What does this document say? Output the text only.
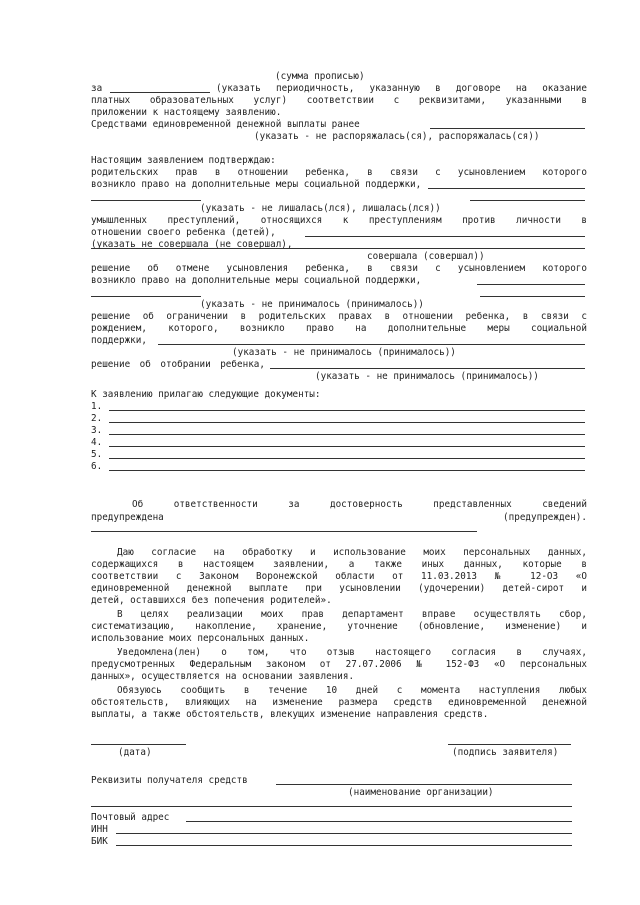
(сумма прописью)
за	(указать периодичность, указанную в договоре на оказание
платных образовательных услуг) соответствии с реквизитами, указанными в
приложении к настоящему заявлению.
Средствами единовременной денежной выплаты ранее
(указать - не распоряжалась(ся), распоряжалась(ся))
Настоящим заявлением подтверждаю:
родительских прав в отношении ребенка, в связи с усыновлением которого
возникло право на дополнительные меры социальной поддержки,
(указать - не лишалась(лся), лишалась(лся))
умышленных преступлений, относящихся к преступлениям против личности в
отношении своего ребенка (детей),
(указать не совершала (не совершал),
совершала (совершал))
решение об отмене усыновления ребенка, в связи с усыновлением которого
возникло право на дополнительные меры социальной поддержки,
(указать - не принималось (принималось))
решение об ограничении в родительских правах в отношении ребенка, в связи с
рождением, которого, возникло право на дополнительные меры социальной
поддержки,
(указать - не принималось (принималось))
решение об отобрании ребенка,
(указать - не принималось (принималось))
К заявлению прилагаю следующие документы:
1.
2.
3.
4.
5.
6.
Об ответственности за достоверность представленных сведений
предупреждена	(предупрежден).
Даю согласие на обработку и использование моих персональных данных,
содержащихся в настоящем заявлении, а также иных данных, которые в
соответствии с Законом Воронежской области от 11.03.2013 № 12-ОЗ «О
единовременной денежной выплате при усыновлении (удочерении) детей-сирот и
детей, оставшихся без попечения родителей».
В целях реализации моих прав департамент вправе осуществлять сбор,
систематизацию, накопление, хранение, уточнение (обновление, изменение) и
использование моих персональных данных.
Уведомлена(лен) о том, что отзыв настоящего согласия в случаях,
предусмотренных Федеральным законом от 27.07.2006 № 152-ФЗ «О персональных
данных», осуществляется на основании заявления.
Обязуюсь сообщить в течение 10 дней с момента наступления любых
обстоятельств, влияющих на изменение размера средств единовременной денежной
выплаты, а также обстоятельств, влекущих изменение направления средств.
(дата)	(подпись заявителя)
Реквизиты получателя средств
(наименование организации)
Почтовый адрес
ИНН
БИК
